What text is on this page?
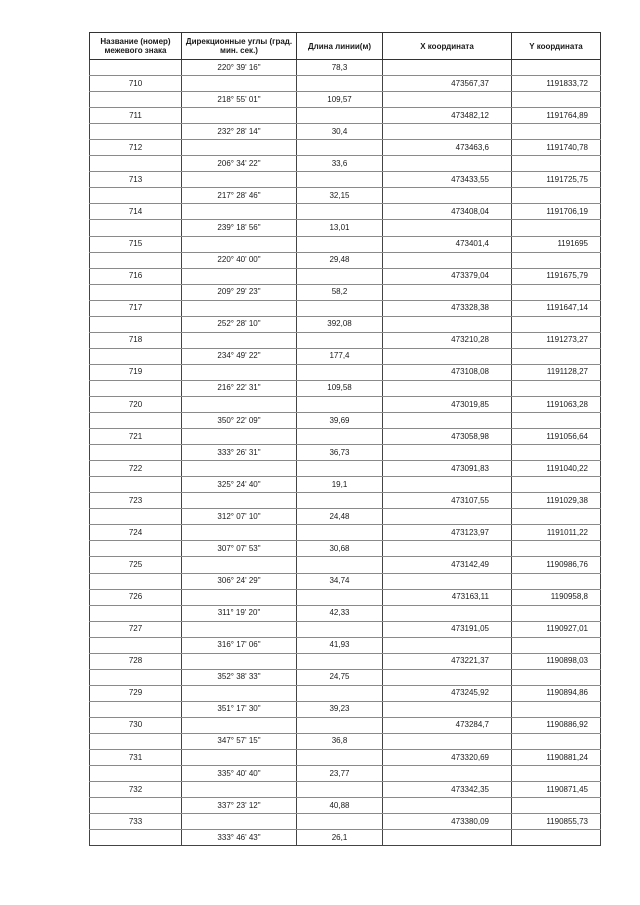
Название (номер) межевого знака	Дирекционные углы (град. мин. сек.)	Длина линии(м)	X координата	Y координата
	220° 39' 16"	78,3		
710			473567,37	1191833,72
	218° 55' 01"	109,57		
711			473482,12	1191764,89
	232° 28' 14"	30,4		
712			473463,6	1191740,78
	206° 34' 22"	33,6		
713			473433,55	1191725,75
	217° 28' 46"	32,15		
714			473408,04	1191706,19
	239° 18' 56"	13,01		
715			473401,4	1191695
	220° 40' 00"	29,48		
716			473379,04	1191675,79
	209° 29' 23"	58,2		
717			473328,38	1191647,14
	252° 28' 10"	392,08		
718			473210,28	1191273,27
	234° 49' 22"	177,4		
719			473108,08	1191128,27
	216° 22' 31"	109,58		
720			473019,85	1191063,28
	350° 22' 09"	39,69		
721			473058,98	1191056,64
	333° 26' 31"	36,73		
722			473091,83	1191040,22
	325° 24' 40"	19,1		
723			473107,55	1191029,38
	312° 07' 10"	24,48		
724			473123,97	1191011,22
	307° 07' 53"	30,68		
725			473142,49	1190986,76
	306° 24' 29"	34,74		
726			473163,11	1190958,8
	311° 19' 20"	42,33		
727			473191,05	1190927,01
	316° 17' 06"	41,93		
728			473221,37	1190898,03
	352° 38' 33"	24,75		
729			473245,92	1190894,86
	351° 17' 30"	39,23		
730			473284,7	1190886,92
	347° 57' 15"	36,8		
731			473320,69	1190881,24
	335° 40' 40"	23,77		
732			473342,35	1190871,45
	337° 23' 12"	40,88		
733			473380,09	1190855,73
	333° 46' 43"	26,1		
